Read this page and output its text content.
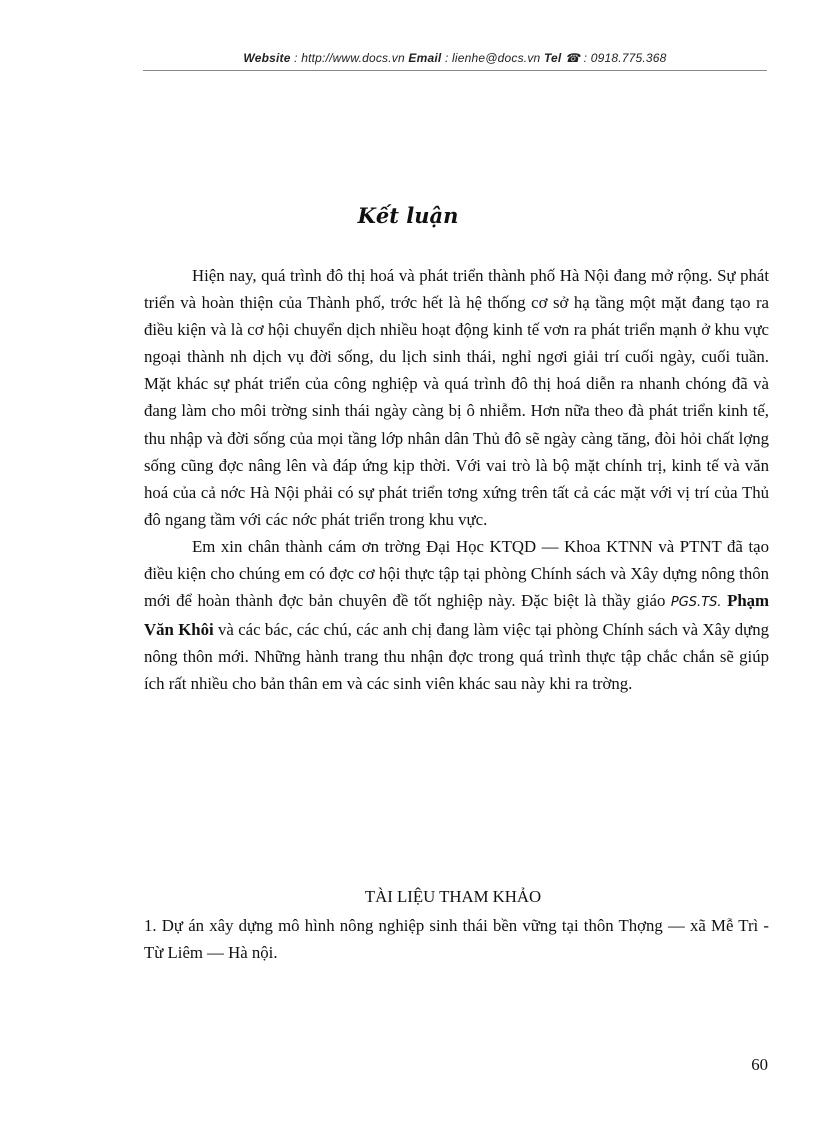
Website : http://www.docs.vn Email : lienhe@docs.vn Tel ☎ : 0918.775.368
Kết luận

Hiện nay, quá trình đô thị hoá và phát triển thành phố Hà Nội đang mở rộng. Sự phát triển và hoàn thiện của Thành phố, trớc hết là hệ thống cơ sở hạ tầng một mặt đang tạo ra điều kiện và là cơ hội chuyển dịch nhiều hoạt động kinh tế vơn ra phát triển mạnh ở khu vực ngoại thành nh dịch vụ đời sống, du lịch sinh thái, nghỉ ngơi giải trí cuối ngày, cuối tuần. Mặt khác sự phát triển của công nghiệp và quá trình đô thị hoá diễn ra nhanh chóng đã và đang làm cho môi trờng sinh thái ngày càng bị ô nhiễm. Hơn nữa theo đà phát triển kinh tế, thu nhập và đời sống của mọi tầng lớp nhân dân Thủ đô sẽ ngày càng tăng, đòi hỏi chất lợng sống cũng đợc nâng lên và đáp ứng kịp thời. Với vai trò là bộ mặt chính trị, kinh tế và văn hoá của cả nớc Hà Nội phải có sự phát triển tơng xứng trên tất cả các mặt với vị trí của Thủ đô ngang tầm với các nớc phát triển trong khu vực.

Em xin chân thành cám ơn trờng Đại Học KTQD — Khoa KTNN và PTNT đã tạo điều kiện cho chúng em có đợc cơ hội thực tập tại phòng Chính sách và Xây dựng nông thôn mới để hoàn thành đợc bản chuyên đề tốt nghiệp này. Đặc biệt là thầy giáo PGS.TS. Phạm Văn Khôi và các bác, các chú, các anh chị đang làm việc tại phòng Chính sách và Xây dựng nông thôn mới. Những hành trang thu nhận đợc trong quá trình thực tập chắc chắn sẽ giúp ích rất nhiều cho bản thân em và các sinh viên khác sau này khi ra trờng.

TÀI LIỆU THAM KHẢO

1. Dự án xây dựng mô hình nông nghiệp sinh thái bền vững tại thôn Thợng — xã Mễ Trì - Từ Liêm — Hà nội.

60
